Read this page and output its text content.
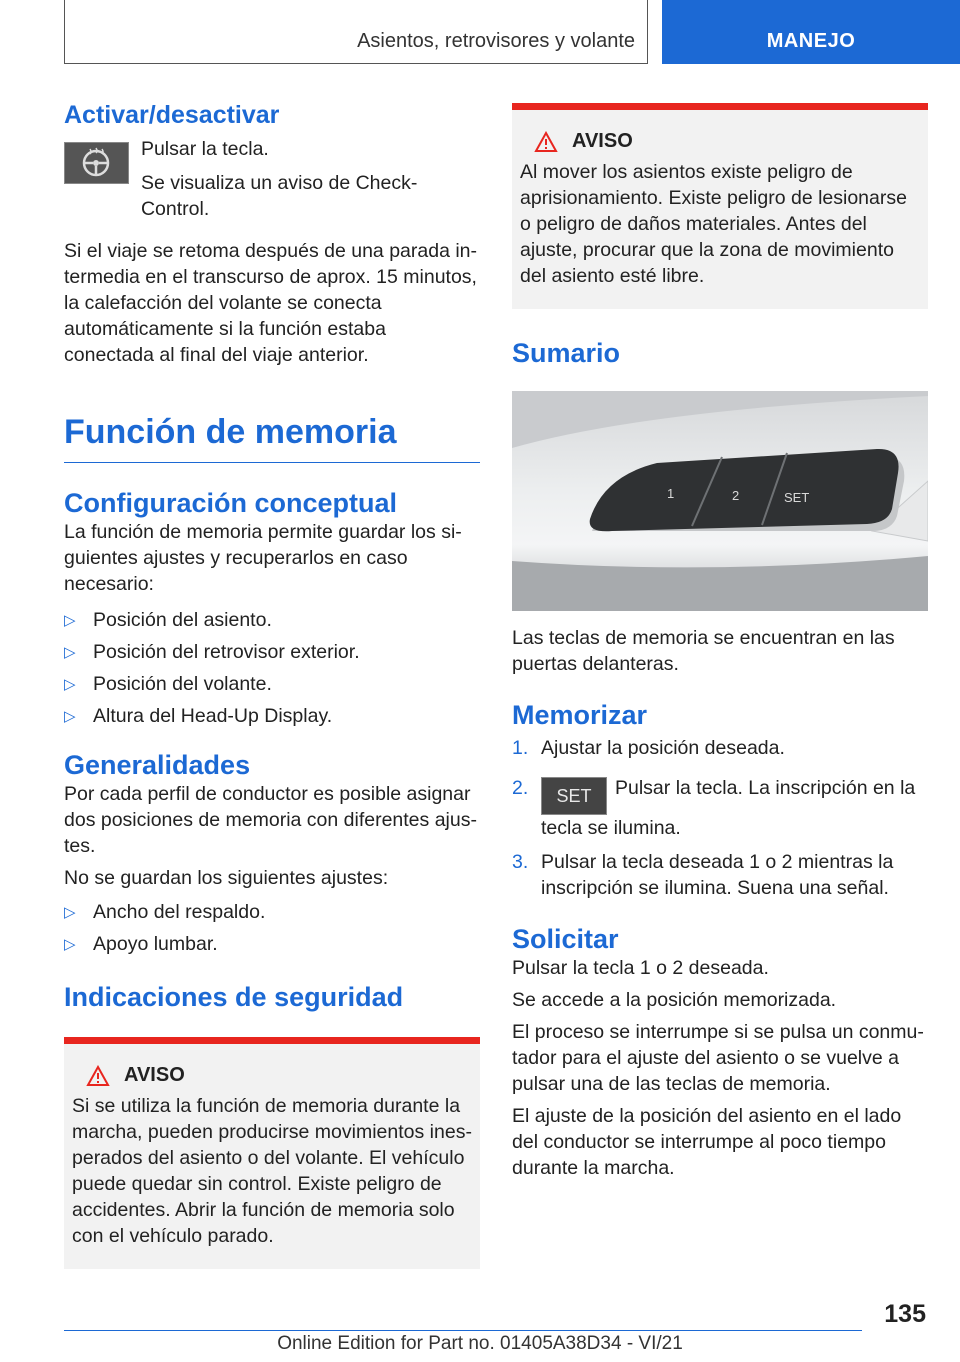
Asientos, retrovisores y volante	MANEJO
Activar/desactivar

Pulsar la tecla.

Se visualiza un aviso de Check-Control.

Si el viaje se retoma después de una parada intermedia en el transcurso de aprox. 15 minutos, la calefacción del volante se conecta automáticamente si la función estaba conectada al final del viaje anterior.

Función de memoria
Configuración conceptual

La función de memoria permite guardar los siguientes ajustes y recuperarlos en caso necesario:

▷ Posición del asiento.
▷ Posición del retrovisor exterior.
▷ Posición del volante.
▷ Altura del Head-Up Display.
Generalidades

Por cada perfil de conductor es posible asignar dos posiciones de memoria con diferentes ajustes.

No se guardan los siguientes ajustes:

▷ Ancho del respaldo.
▷ Apoyo lumbar.
Indicaciones de seguridad
AVISO

Si se utiliza la función de memoria durante la marcha, pueden producirse movimientos inesperados del asiento o del volante. El vehículo puede quedar sin control. Existe peligro de accidentes. Abrir la función de memoria solo con el vehículo parado.

AVISO

Al mover los asientos existe peligro de aprisionamiento. Existe peligro de lesionarse o peligro de daños materiales. Antes del ajuste, procurar que la zona de movimiento del asiento esté libre.

Sumario
1	2	SET

Las teclas de memoria se encuentran en las puertas delanteras.

Memorizar
1. Ajustar la posición deseada.
2. SET Pulsar la tecla. La inscripción en la tecla se ilumina.
3. Pulsar la tecla deseada 1 o 2 mientras la inscripción se ilumina. Suena una señal.
Solicitar

Pulsar la tecla 1 o 2 deseada.

Se accede a la posición memorizada.

El proceso se interrumpe si se pulsa un conmutador para el ajuste del asiento o se vuelve a pulsar una de las teclas de memoria.

El ajuste de la posición del asiento en el lado del conductor se interrumpe al poco tiempo durante la marcha.

135
Online Edition for Part no. 01405A38D34 - VI/21
